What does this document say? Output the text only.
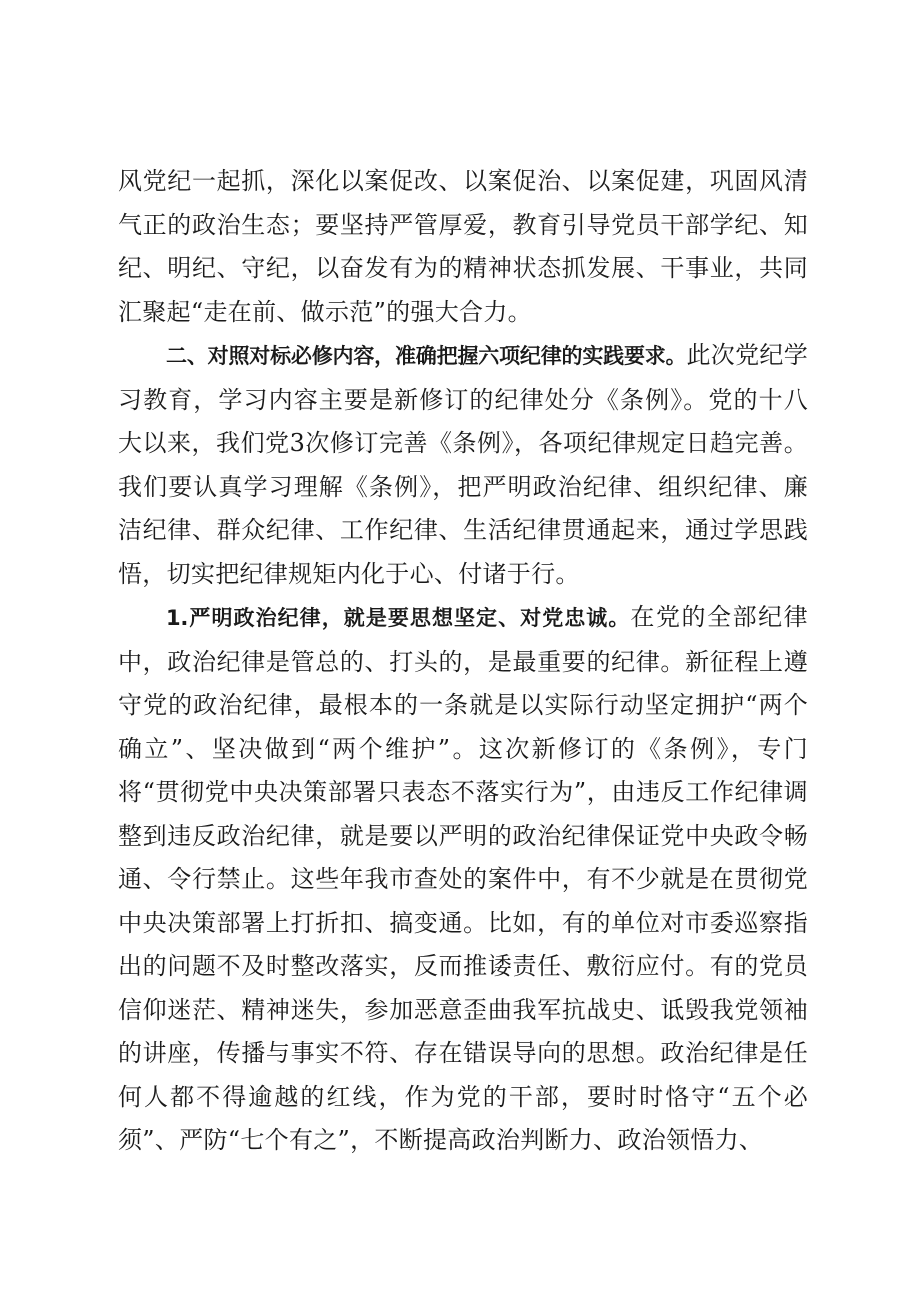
风党纪一起抓，深化以案促改、以案促治、以案促建，巩固风清气正的政治生态；要坚持严管厚爱，教育引导党员干部学纪、知纪、明纪、守纪，以奋发有为的精神状态抓发展、干事业，共同汇聚起“走在前、做示范”的强大合力。

二、对照对标必修内容，准确把握六项纪律的实践要求。此次党纪学习教育，学习内容主要是新修订的纪律处分《条例》。党的十八大以来，我们党3次修订完善《条例》，各项纪律规定日趋完善。我们要认真学习理解《条例》，把严明政治纪律、组织纪律、廉洁纪律、群众纪律、工作纪律、生活纪律贯通起来，通过学思践悟，切实把纪律规矩内化于心、付诸于行。

1.严明政治纪律，就是要思想坚定、对党忠诚。在党的全部纪律中，政治纪律是管总的、打头的，是最重要的纪律。新征程上遵守党的政治纪律，最根本的一条就是以实际行动坚定拥护“两个确立”、坚决做到“两个维护”。这次新修订的《条例》，专门将“贯彻党中央决策部署只表态不落实行为”，由违反工作纪律调整到违反政治纪律，就是要以严明的政治纪律保证党中央政令畅通、令行禁止。这些年我市查处的案件中，有不少就是在贯彻党中央决策部署上打折扣、搞变通。比如，有的单位对市委巡察指出的问题不及时整改落实，反而推诿责任、敷衍应付。有的党员信仰迷茫、精神迷失，参加恶意歪曲我军抗战史、诋毁我党领袖的讲座，传播与事实不符、存在错误导向的思想。政治纪律是任何人都不得逾越的红线，作为党的干部，要时时恪守“五个必须”、严防“七个有之”，不断提高政治判断力、政治领悟力、
